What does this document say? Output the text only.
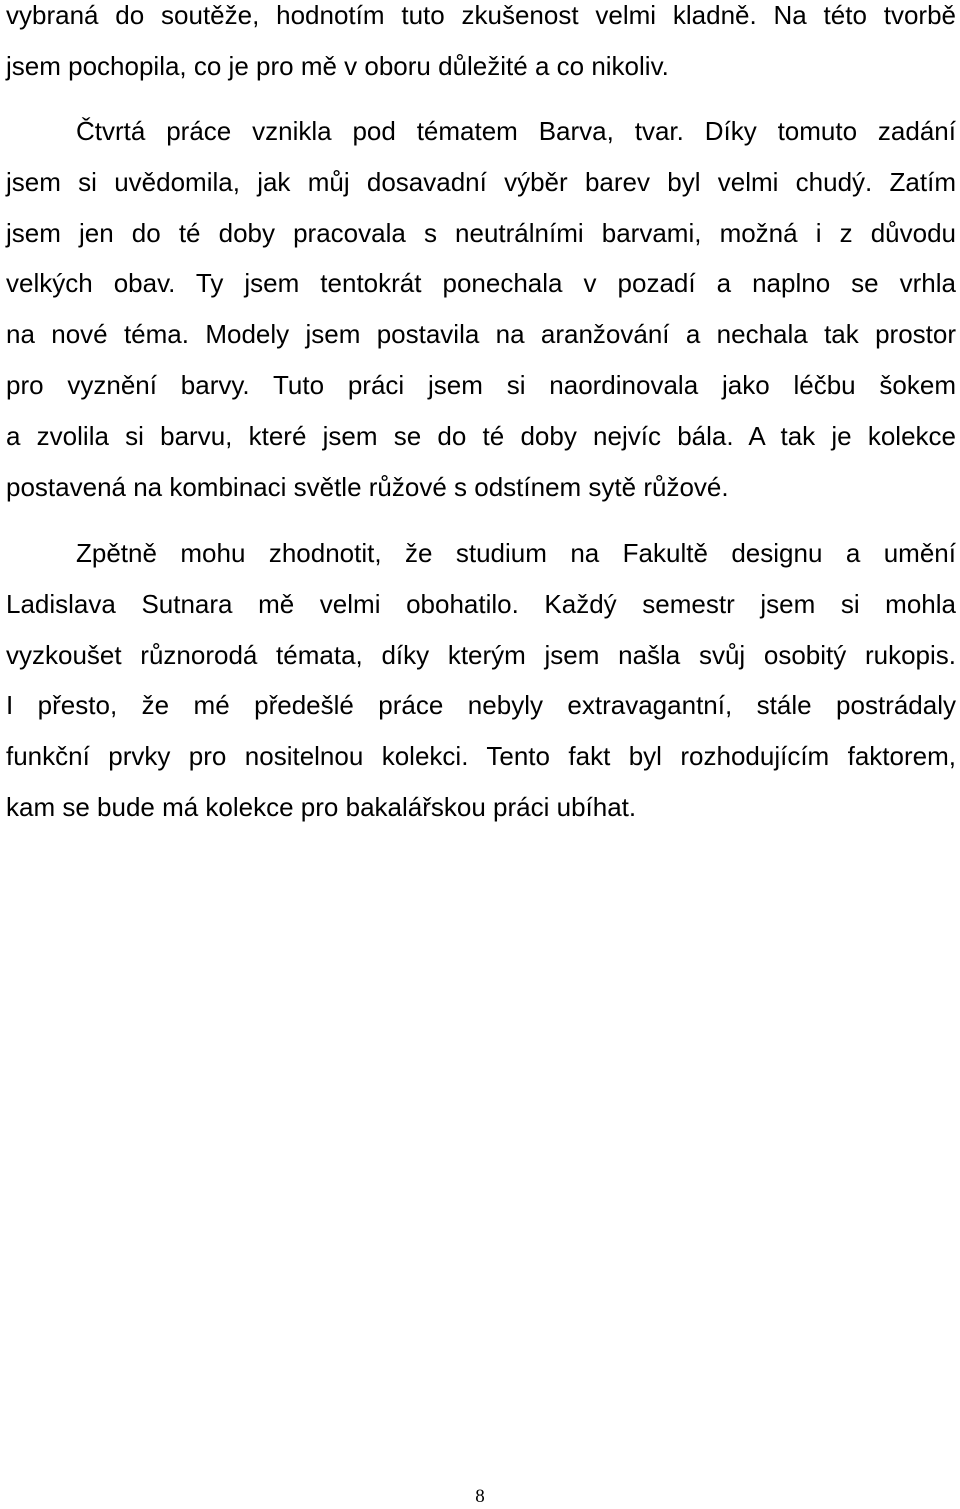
vybraná do soutěže, hodnotím tuto zkušenost velmi kladně. Na této tvorbě
jsem pochopila, co je pro mě v oboru důležité a co nikoliv.
Čtvrtá práce vznikla pod tématem Barva, tvar. Díky tomuto zadání
jsem si uvědomila, jak můj dosavadní výběr barev byl velmi chudý. Zatím
jsem jen do té doby pracovala s neutrálními barvami, možná i z důvodu
velkých obav. Ty jsem tentokrát ponechala v pozadí a naplno se vrhla
na nové téma. Modely jsem postavila na aranžování a nechala tak prostor
pro vyznění barvy. Tuto práci jsem si naordinovala jako léčbu šokem
a zvolila si barvu, které jsem se do té doby nejvíc bála. A tak je kolekce
postavená na kombinaci světle růžové s odstínem sytě růžové.
Zpětně mohu zhodnotit, že studium na Fakultě designu a umění
Ladislava Sutnara mě velmi obohatilo. Každý semestr jsem si mohla
vyzkoušet různorodá témata, díky kterým jsem našla svůj osobitý rukopis.
I přesto, že mé předešlé práce nebyly extravagantní, stále postrádaly
funkční prvky pro nositelnou kolekci. Tento fakt byl rozhodujícím faktorem,
kam se bude má kolekce pro bakalářskou práci ubíhat.
8
